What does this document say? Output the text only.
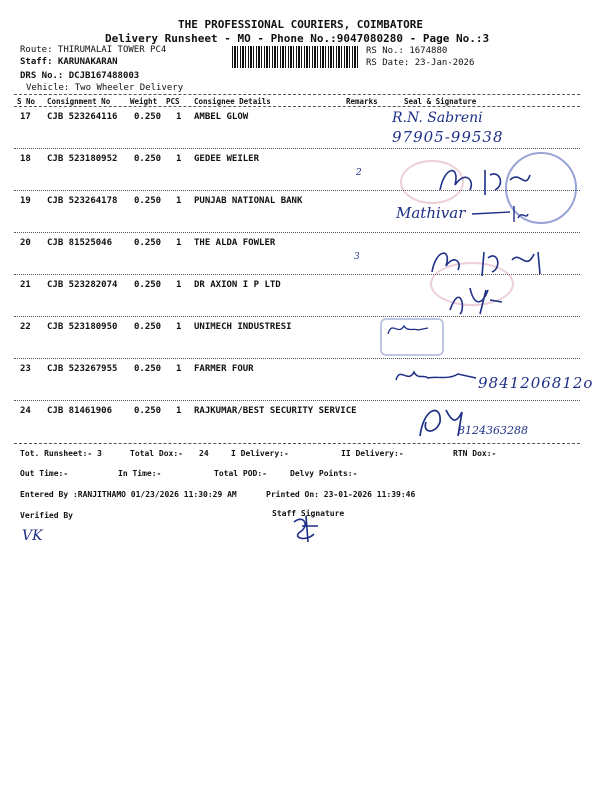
THE PROFESSIONAL COURIERS, COIMBATORE
Delivery Runsheet - MO - Phone No.:9047080280 - Page No.:3
Route: THIRUMALAI TOWER PC4
Staff: KARUNAKARAN
DRS No.: DCJB167488003
Vehicle: Two Wheeler Delivery
RS No.: 1674880
RS Date: 23-Jan-2026
S No Consignment No	Weight PCS Consignee Details	Remarks	Seal & Signature
17 CJB 523264116 0.250 1 AMBEL GLOW
18 CJB 523180952 0.250 1 GEDEE WEILER
2
19 CJB 523264178 0.250 1 PUNJAB NATIONAL BANK
20 CJB 81525046 0.250 1 THE ALDA FOWLER
3
21 CJB 523282074 0.250 1 DR AXION I P LTD
22 CJB 523180950 0.250 1 UNIMECH INDUSTRESI
23 CJB 523267955 0.250 1 FARMER FOUR
24 CJB 81461906 0.250 1 RAJKUMAR/BEST SECURITY SERVICE
R.N. Sabreni
97905-99538
Mathivar
9841206812o
8124363288
Tot. Runsheet:- 3	Total Dox:- 24	I Delivery:-	II Delivery:-	RTN Dox:-
Out Time:-	In Time:-	Total POD:-	Delvy Points:-
Entered By :RANJITHAMO 01/23/2026 11:30:29 AM	Printed On: 23-01-2026 11:39:46
Verified By	Staff Signature
VK
